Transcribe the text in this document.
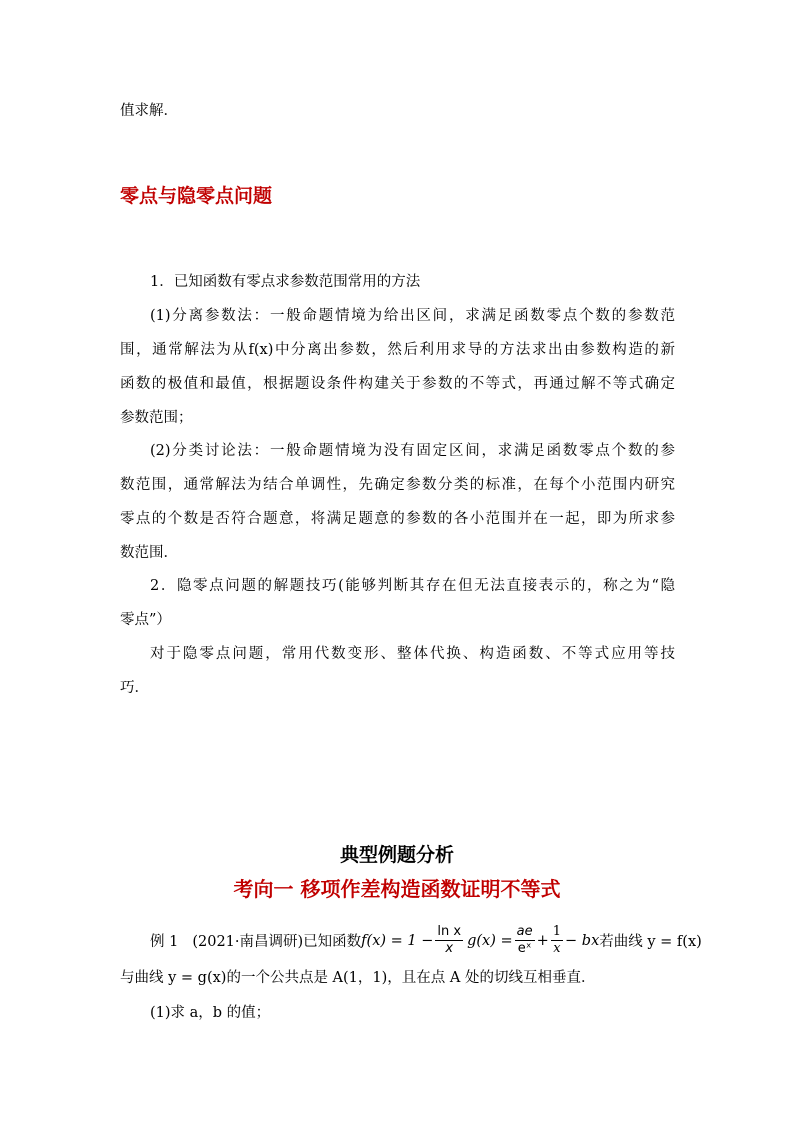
值求解．
零点与隐零点问题
1．已知函数有零点求参数范围常用的方法
(1)分离参数法：一般命题情境为给出区间，求满足函数零点个数的参数范
围，通常解法为从f(x)中分离出参数，然后利用求导的方法求出由参数构造的新
函数的极值和最值，根据题设条件构建关于参数的不等式，再通过解不等式确定
参数范围；
(2)分类讨论法：一般命题情境为没有固定区间，求满足函数零点个数的参
数范围，通常解法为结合单调性，先确定参数分类的标准，在每个小范围内研究
零点的个数是否符合题意，将满足题意的参数的各小范围并在一起，即为所求参
数范围．
2．隐零点问题的解题技巧(能够判断其存在但无法直接表示的，称之为“隐
零点”）
对于隐零点问题，常用代数变形、整体代换、构造函数、不等式应用等技
巧．
典型例题分析
考向一 移项作差构造函数证明不等式
例 1 (2021·南昌调研)已知函数 $f(x) = 1 - \frac{\text{ln x}}{x} g(x) = \frac{ae}{\text{eˣ}} + \frac{1}{x}$ − bx 若曲线 y = f(x)
与曲线 y = g(x)的一个公共点是 A(1，1)，且在点 A 处的切线互相垂直．
(1)求 a，b 的值；
